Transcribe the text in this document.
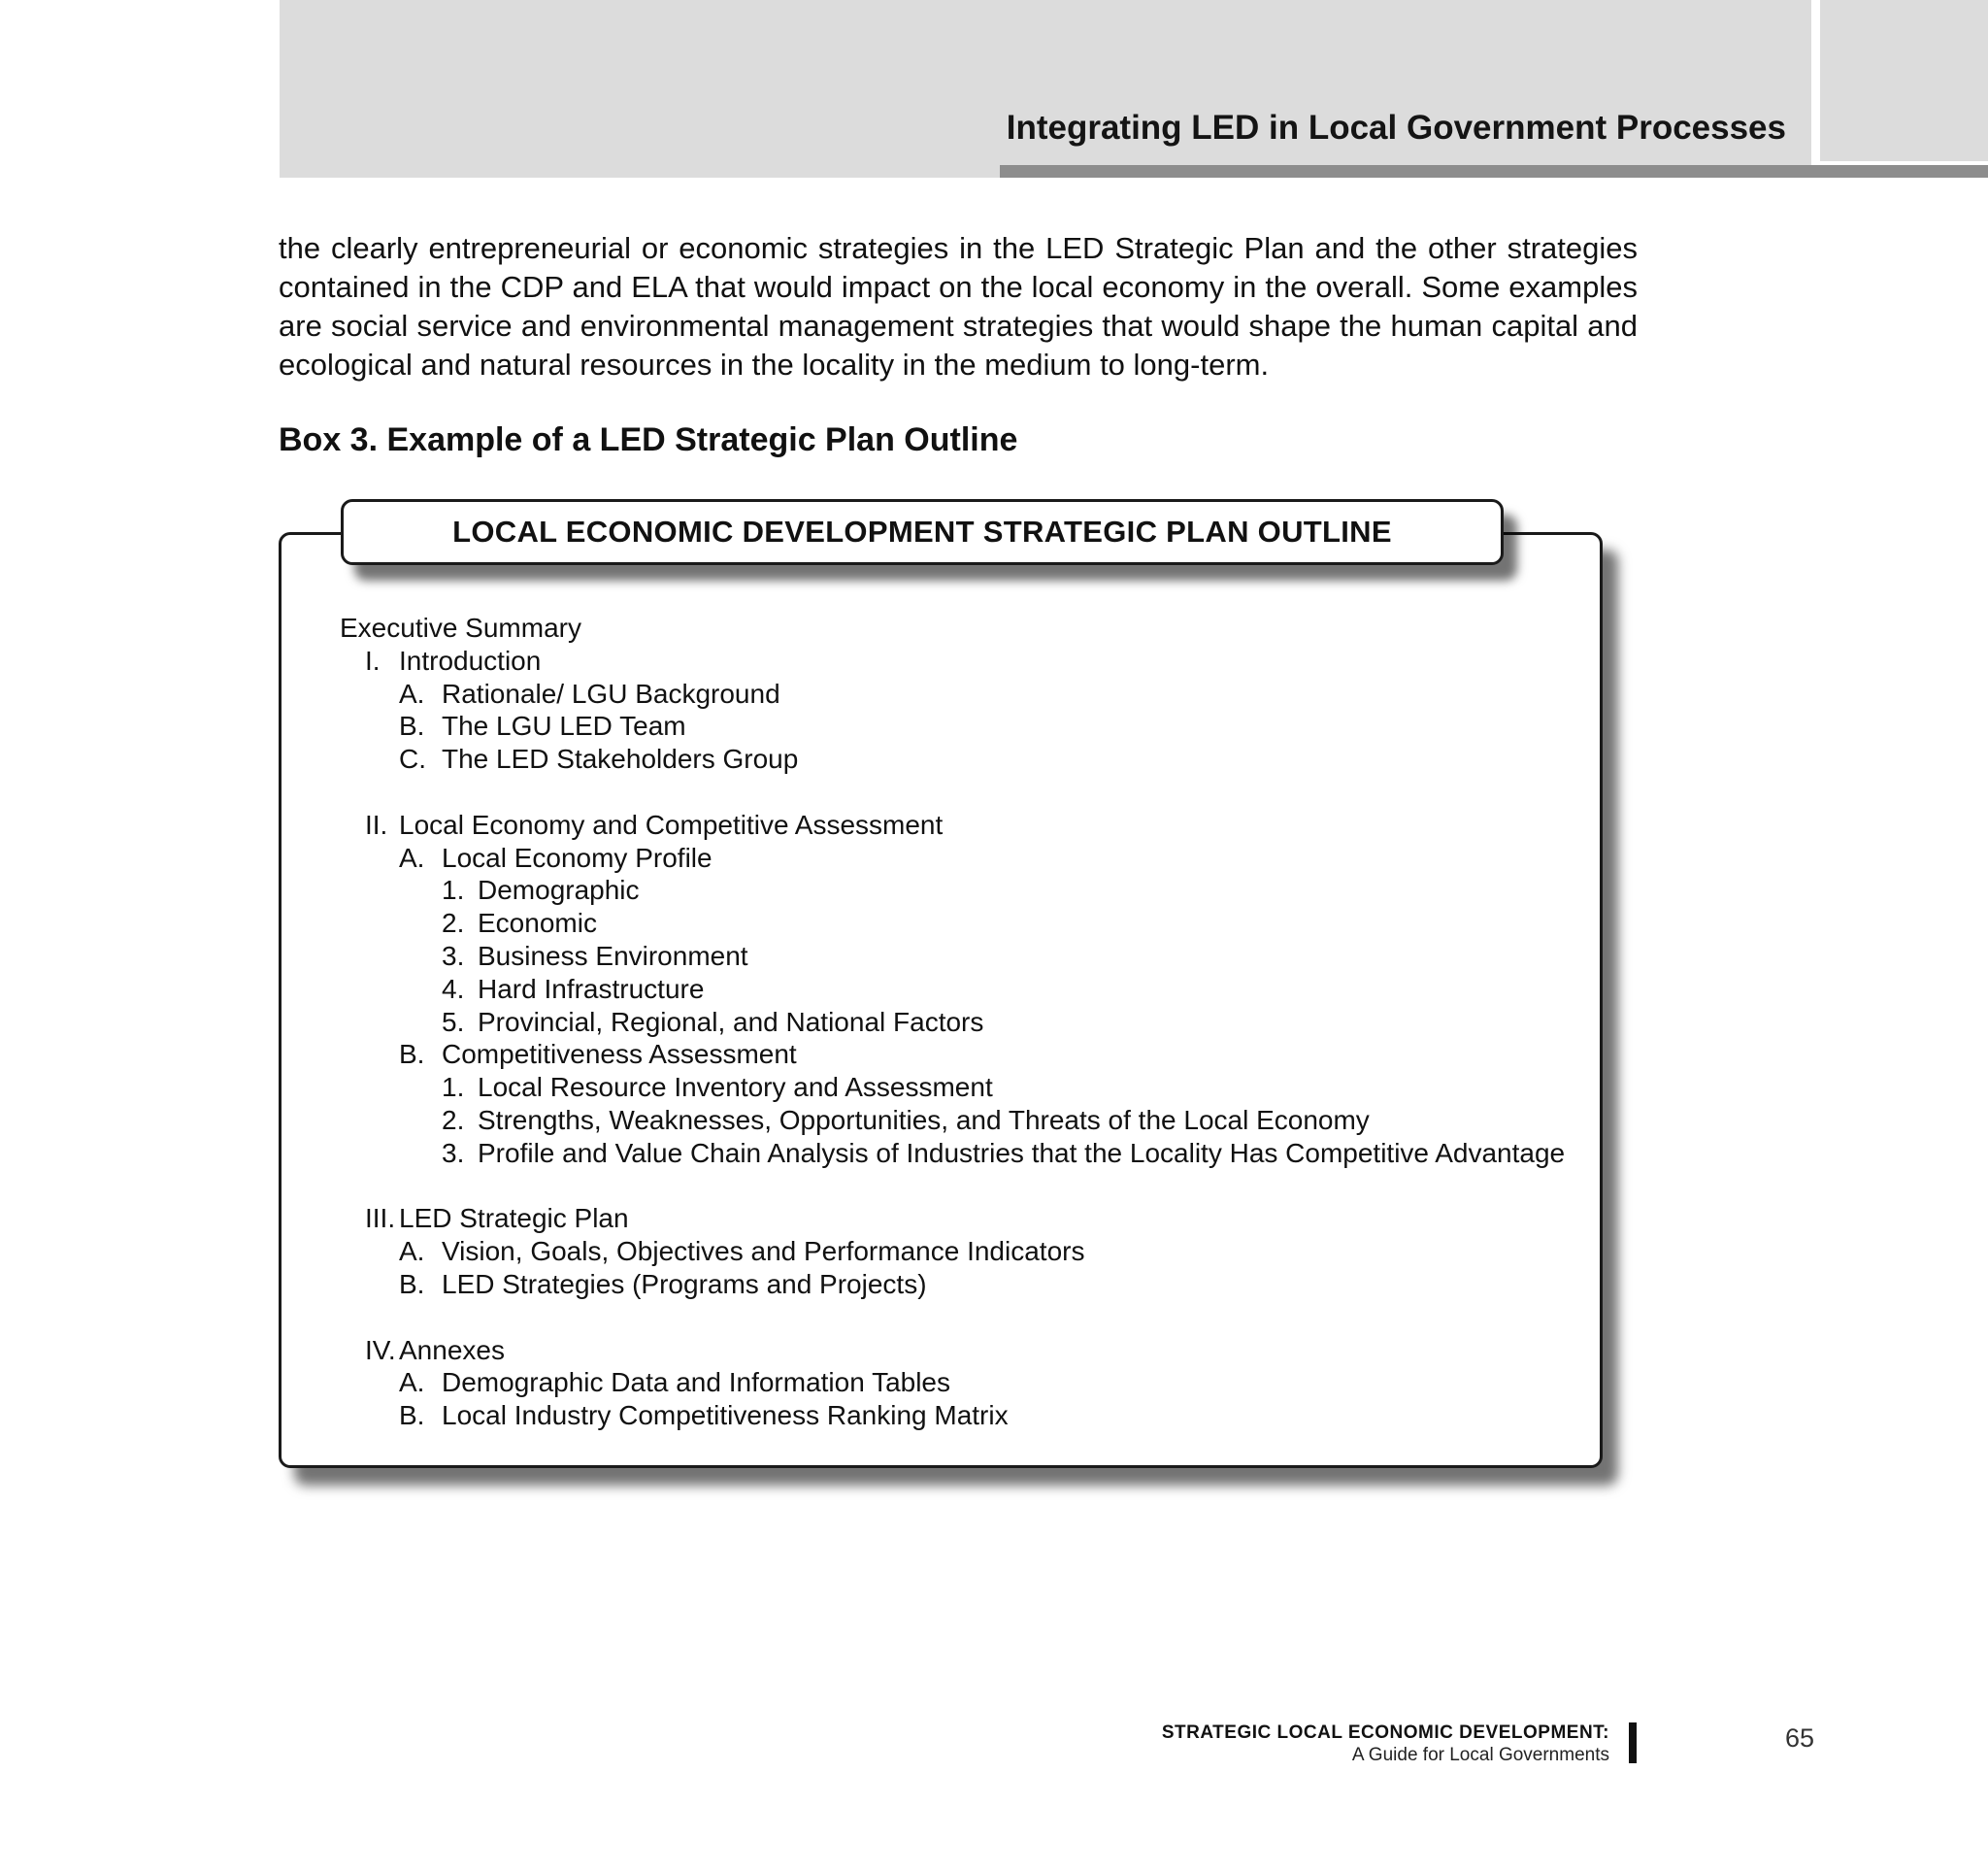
Integrating LED in Local Government Processes

the clearly entrepreneurial or economic strategies in the LED Strategic Plan and the other strategies contained in the CDP and ELA that would impact on the local economy in the overall. Some examples are social service and environmental management strategies that would shape the human capital and ecological and natural resources in the locality in the medium to long-term.

Box 3. Example of a LED Strategic Plan Outline
LOCAL ECONOMIC DEVELOPMENT STRATEGIC PLAN OUTLINE
Executive Summary
I. Introduction
A. Rationale/ LGU Background
B. The LGU LED Team
C. The LED Stakeholders Group
II. Local Economy and Competitive Assessment
A. Local Economy Profile
1. Demographic
2. Economic
3. Business Environment
4. Hard Infrastructure
5. Provincial, Regional, and National Factors
B. Competitiveness Assessment
1. Local Resource Inventory and Assessment
2. Strengths, Weaknesses, Opportunities, and Threats of the Local Economy
3. Profile and Value Chain Analysis of Industries that the Locality Has Competitive Advantage
III. LED Strategic Plan
A. Vision, Goals, Objectives and Performance Indicators
B. LED Strategies (Programs and Projects)
IV. Annexes
A. Demographic Data and Information Tables
B. Local Industry Competitiveness Ranking Matrix
STRATEGIC LOCAL ECONOMIC DEVELOPMENT:
A Guide for Local Governments
65
